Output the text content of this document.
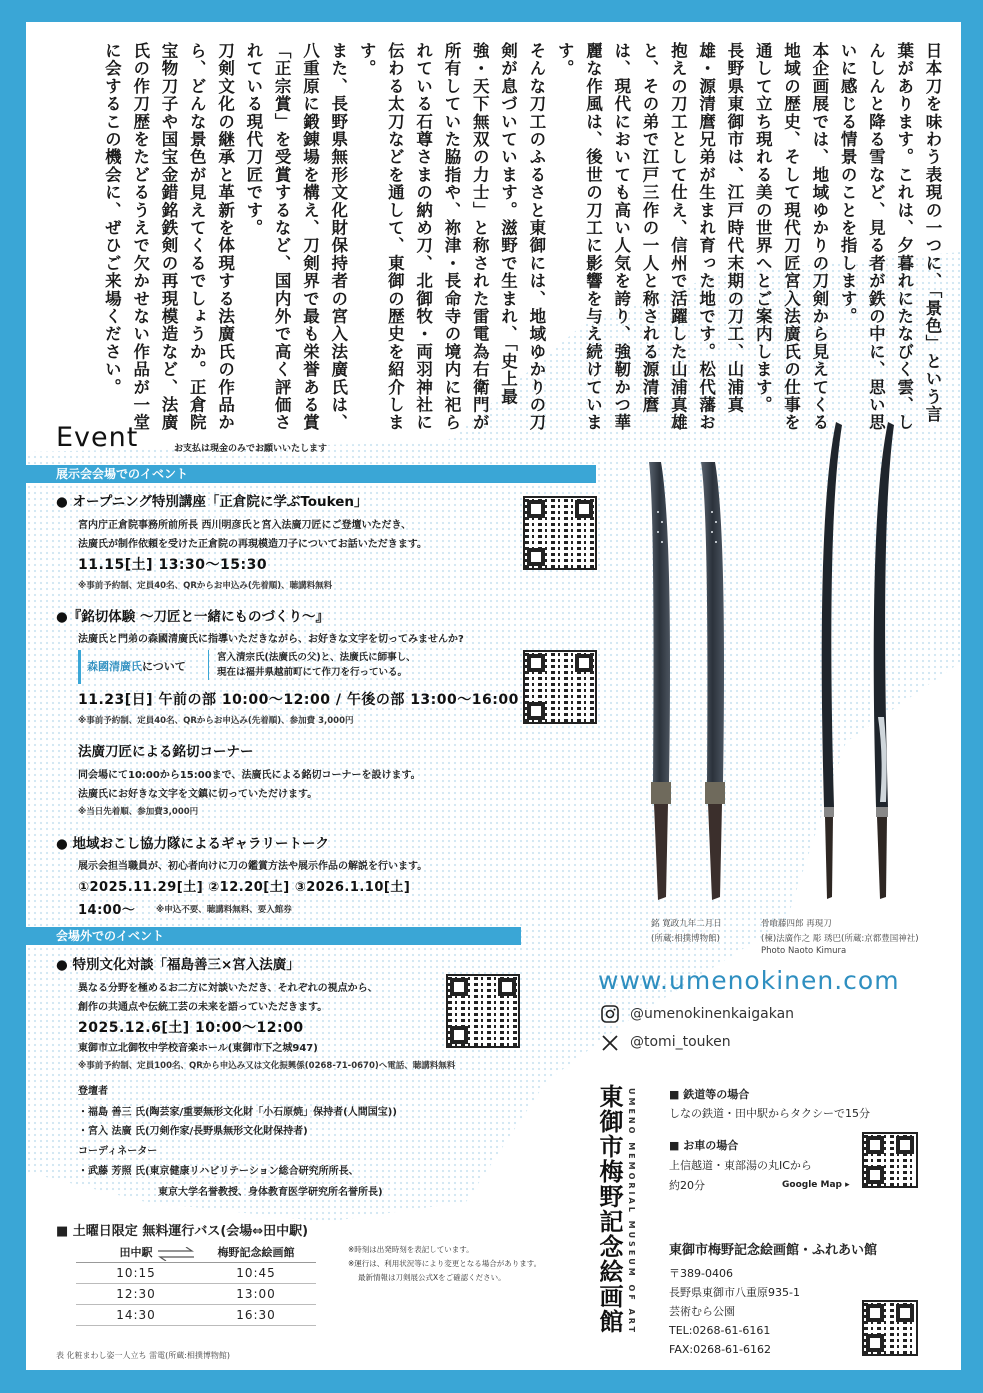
日本刀を味わう表現の一つに、「景色」という言葉があります。これは、夕暮れにたなびく雲、しんしんと降る雪など、見る者が鉄の中に、思い思いに感じる情景のことを指します。

本企画展では、地域ゆかりの刀剣から見えてくる地域の歴史、そして現代刀匠宮入法廣氏の仕事を通して立ち現れる美の世界へとご案内します。

長野県東御市は、江戸時代末期の刀工、山浦真雄・源清麿兄弟が生まれ育った地です。松代藩お抱えの刀工として仕え、信州で活躍した山浦真雄と、その弟で江戸三作の一人と称される源清麿は、現代においても高い人気を誇り、強靭かつ華麗な作風は、後世の刀工に影響を与え続けています。

そんな刀工のふるさと東御には、地域ゆかりの刀剣が息づいています。滋野で生まれ、「史上最強・天下無双の力士」と称された雷電為右衛門が所有していた脇指や、祢津・長命寺の境内に祀られている石尊さまの納め刀、北御牧・両羽神社に伝わる太刀などを通して、東御の歴史を紹介します。

また、長野県無形文化財保持者の宮入法廣氏は、八重原に鍛錬場を構え、刀剣界で最も栄誉ある賞「正宗賞」を受賞するなど、国内外で高く評価されている現代刀匠です。

刀剣文化の継承と革新を体現する法廣氏の作品から、どんな景色が見えてくるでしょうか。正倉院宝物刀子や国宝金錯銘鉄剣の再現模造など、法廣氏の作刀歴をたどるうえで欠かせない作品が一堂に会するこの機会に、ぜひご来場ください。

Event	お支払は現金のみでお願いいたします
展示会会場でのイベント
● オープニング特別講座「正倉院に学ぶTouken」
宮内庁正倉院事務所前所長 西川明彦氏と宮入法廣刀匠にご登壇いただき、
法廣氏が制作依頼を受けた正倉院の再現模造刀子についてお話いただきます。
11.15[土] 13:30〜15:30
※事前予約制、定員40名、QRからお申込み(先着順)、聴講料無料
●『銘切体験 〜刀匠と一緒にものづくり〜』
法廣氏と門弟の森國清廣氏に指導いただきながら、お好きな文字を切ってみませんか?
森國清廣氏について
宮入清宗氏(法廣氏の父)と、法廣氏に師事し、
現在は福井県越前町にて作刀を行っている。
11.23[日] 午前の部 10:00〜12:00 / 午後の部 13:00〜16:00
※事前予約制、定員40名、QRからお申込み(先着順)、参加費 3,000円
法廣刀匠による銘切コーナー
同会場にて10:00から15:00まで、法廣氏による銘切コーナーを設けます。
法廣氏にお好きな文字を文鎮に切っていただけます。
※当日先着順、参加費3,000円
● 地域おこし協力隊によるギャラリートーク
展示会担当職員が、初心者向けに刀の鑑賞方法や展示作品の解説を行います。
①2025.11.29[土] ②12.20[土] ③2026.1.10[土]
14:00〜 ※申込不要、聴講料無料、要入館券
会場外でのイベント
● 特別文化対談「福島善三×宮入法廣」
異なる分野を極めるお二方に対談いただき、それぞれの視点から、
創作の共通点や伝統工芸の未来を語っていただきます。
2025.12.6[土] 10:00〜12:00
東御市立北御牧中学校音楽ホール(東御市下之城947)
※事前予約制、定員100名、QRから申込み又は文化振興係(0268-71-0670)へ電話、聴講料無料
登壇者
・福島 善三 氏(陶芸家/重要無形文化財「小石原焼」保持者(人間国宝))
・宮入 法廣 氏(刀剣作家/長野県無形文化財保持者)
コーディネーター
・武藤 芳照 氏(東京健康リハビリテーション総合研究所所長、
東京大学名誉教授、身体教育医学研究所名誉所長)
■ 土曜日限定 無料運行バス(会場⇔田中駅)
田中駅	梅野記念絵画館
10:15	10:45
12:30	13:00
14:30	16:30
※時刻は出発時刻を表記しています。
※運行は、利用状況等により変更となる場合があります。
最新情報は刀剣展公式Xをご確認ください。
表 化粧まわし姿一人立ち 雷電(所蔵:相撲博物館)
銘 寛政九年二月日
(所蔵:相撲博物館)
骨喰藤四郎 再現刀
(楝)法廣作之 彫 琇巴(所蔵:京都豊国神社)
Photo Naoto Kimura
www.umenokinen.com
@umenokinenkaigakan
@tomi_touken
東御市梅野記念絵画館 UMENO MEMORIAL MUSEUM OF ART	■ 鉄道等の場合
しなの鉄道・田中駅からタクシーで15分
■ お車の場合
上信越道・東部湯の丸ICから
約20分	Google Map ▸
東御市梅野記念絵画館・ふれあい館
〒389-0406
長野県東御市八重原935-1
芸術むら公園
TEL:0268-61-6161
FAX:0268-61-6162
